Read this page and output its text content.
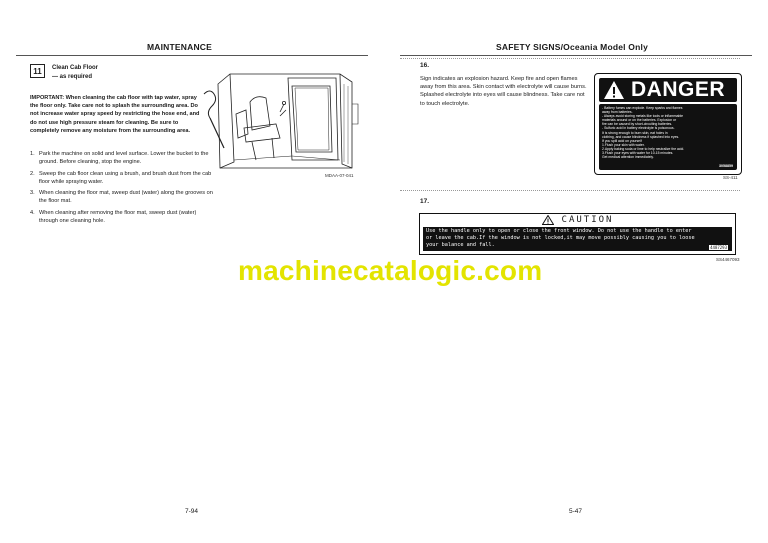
MAINTENANCE
11	Clean Cab Floor
— as required
IMPORTANT: When cleaning the cab floor with tap water, spray the floor only. Take care not to splash the surrounding area. Do not increase water spray speed by restricting the hose end, and do not use high pressure steam for cleaning. Be sure to completely remove any moisture from the surrounding area.
1. Park the machine on solid and level surface. Lower the bucket to the ground. Before cleaning, stop the engine.
2. Sweep the cab floor clean using a brush, and brush dust from the cab floor while spraying water.
3. When cleaning the floor mat, sweep dust (water) along the grooves on the floor mat.
4. When cleaning after removing the floor mat, sweep dust (water) through one cleaning hole.
MDAA-07-041
7-94
SAFETY SIGNS/Oceania Model Only
16.
Sign indicates an explosion hazard. Keep fire and open flames away from this area. Skin contact with electrolyte will cause burns. Splashed electrolyte into eyes will cause blindness. Take care not to touch electrolyte.
DANGER
- Battery fumes can explode. Keep sparks and flames
away from batteries.
- Always avoid storing metals like tools or inflammable
materials around or on the batteries. Explosion or
fire can be caused by short-circuiting batteries.
- Sulfuric acid in battery electrolyte is poisonous.
It is strong enough to burn skin, eat holes in
clothing, and cause blindness if splashed into eyes.
If you spill acid on yourself
1.Flush your skin with water.
2.Apply baking soda or lime to help neutralize the acid.
3.Flush your eyes with water for 10-15 minutes.
Get medical attention immediately.
3058859
SS-411
17.
SS4467093
5-47
CAUTION
Use the handle only to open or close the front window. Do not use the handle to enter
or leave the cab.If the window is not locked,it may move possibly causing you to loose
your balance and fall.	4487293
machinecatalogic.com
